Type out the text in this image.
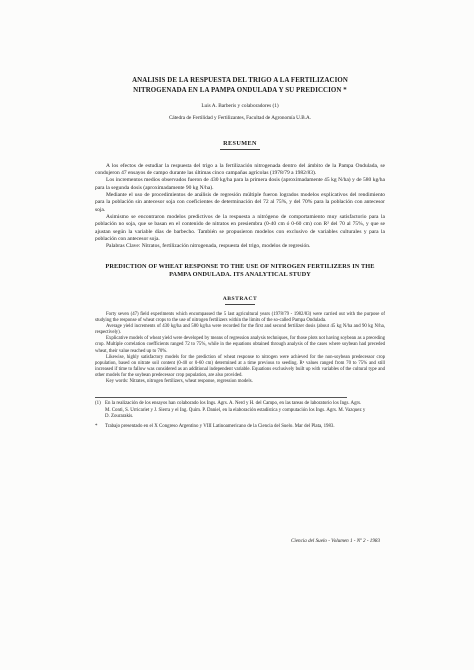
ANALISIS DE LA RESPUESTA DEL TRIGO A LA FERTILIZACION
NITROGENADA EN LA PAMPA ONDULADA Y SU PREDICCION *

Luis A. Barberis y colaboradores (1)
Cátedra de Fertilidad y Fertilizantes, Facultad de Agronomía U.B.A.
RESUMEN

A los efectos de estudiar la respuesta del trigo a la fertilización nitrogenada dentro del ámbito de la Pampa Ondulada, se condujeron 47 ensayos de campo durante las últimas cinco campañas agrícolas (1978/79 a 1982/83).

Los incrementos medios observados fueron de 430 kg/ha para la primera dosis (aproximadamente 45 kg N/ha) y de 580 kg/ha para la segunda dosis (aproximadamente 90 kg N/ha).

Mediante el uso de procedimientos de análisis de regresión múltiple fueron logrados modelos explicativos del rendimiento para la población sin antecesor soja con coeficientes de determinación del 72 al 75%, y del 70% para la población con antecesor soja.

Asimismo se encontraron modelos predictivos de la respuesta a nitrógeno de comportamiento muy satisfactorio para la población no soja, que se basan en el contenido de nitratos en presiembra (0-40 cm ó 0-60 cm) con R² del 70 al 75%, y que se ajustan según la variable días de barbecho. También se propusieron modelos con exclusivo de variables culturales y para la población con antecesor soja.

Palabras Clave: Nitratos, fertilización nitrogenada, respuesta del trigo, modelos de regresión.

PREDICTION OF WHEAT RESPONSE TO THE USE OF NITROGEN FERTILIZERS IN THE
PAMPA ONDULADA. ITS ANALYTICAL STUDY

ABSTRACT

Forty seven (47) field experiments which encompassed the 5 last agricultural years (1978/79 - 1982/83) were carried out with the purpose of studying the response of wheat crops to the use of nitrogen fertilizers within the limits of the so-called Pampa Ondulada.

Average yield increments of 430 kg/ha and 580 kg/ha were recorded for the first and second fertilizer dosis (about 45 kg N/ha and 90 kg N/ha, respectively).

Explicative models of wheat yield were developed by means of regression analysis techniques, for those plots not having soybean as a preceding crop. Multiple correlation coefficients ranged 72 to 75%, while in the equations obtained through analysis of the cases where soybean had preceded wheat, their value reached up to 70%.

Likewise, highly satisfactory models for the prediction of wheat response to nitrogen were achieved for the non-soybean predecessor crop population, based on nitrate soil content (0-40 or 0-60 cm) determined at a time previous to seeding. R² values ranged from 70 to 75% and still increased if time to fallow was considered as an additional independent variable. Equations exclusively built up with variables of the cultural type and other models for the soybean predecessor crop population, are also provided.

Key words: Nitrates, nitrogen fertilizers, wheat response, regression models.

(1) En la realización de los ensayos han colaborado los Ings. Agrs. A. Nerd y H. del Campo, en las tareas de laboratorio los Ings. Agrs. M. Conti, S. Urricariet y J. Sierra y el Ing. Quím. P. Daniel, en la elaboración estadística y computación los Ings. Agrs. M. Vazquez y D. Zourarakis.
*	Trabajo presentado en el X Congreso Argentino y VIII Latinoamericano de la Ciencia del Suelo. Mar del Plata, 1983.
Ciencia del Suelo - Volumen 1 - Nº 2 - 1983
